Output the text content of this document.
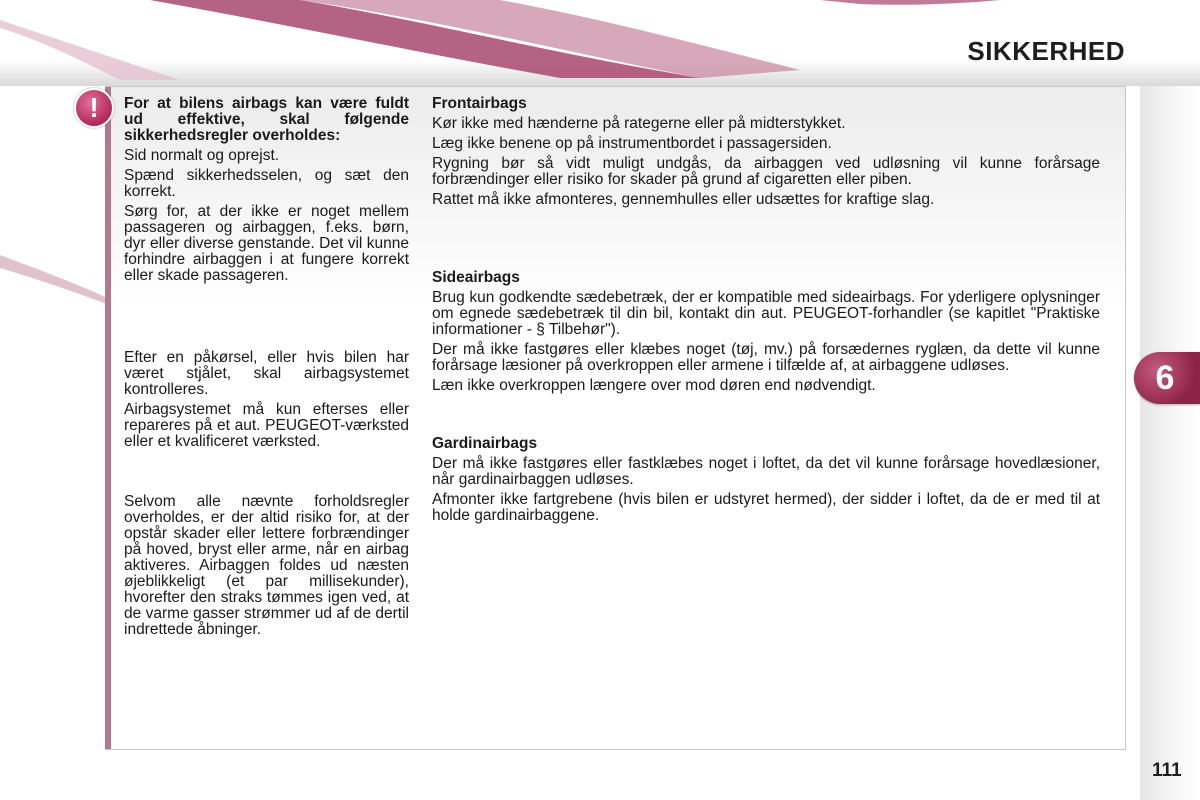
SIKKERHED
6
!	For at bilens airbags kan være fuldt ud effektive, skal følgende sikkerhedsregler overholdes:

Sid normalt og oprejst.

Spænd sikkerhedsselen, og sæt den korrekt.

Sørg for, at der ikke er noget mellem passageren og airbaggen, f.eks. børn, dyr eller diverse genstande. Det vil kunne forhindre airbaggen i at fungere korrekt eller skade passageren.

Efter en påkørsel, eller hvis bilen har været stjålet, skal airbagsystemet kontrolleres.

Airbagsystemet må kun efterses eller repareres på et aut. PEUGEOT-værksted eller et kvalificeret værksted.

Selvom alle nævnte forholdsregler overholdes, er der altid risiko for, at der opstår skader eller lettere forbrændinger på hoved, bryst eller arme, når en airbag aktiveres. Airbaggen foldes ud næsten øjeblikkeligt (et par millisekunder), hvorefter den straks tømmes igen ved, at de varme gasser strømmer ud af de dertil indrettede åbninger.

Frontairbags

Kør ikke med hænderne på rategerne eller på midterstykket.

Læg ikke benene op på instrumentbordet i passagersiden.

Rygning bør så vidt muligt undgås, da airbaggen ved udløsning vil kunne forårsage forbrændinger eller risiko for skader på grund af cigaretten eller piben.

Rattet må ikke afmonteres, gennemhulles eller udsættes for kraftige slag.

Sideairbags

Brug kun godkendte sædebetræk, der er kompatible med sideairbags. For yderligere oplysninger om egnede sædebetræk til din bil, kontakt din aut. PEUGEOT-forhandler (se kapitlet "Praktiske informationer - § Tilbehør").

Der må ikke fastgøres eller klæbes noget (tøj, mv.) på forsædernes ryglæn, da dette vil kunne forårsage læsioner på overkroppen eller armene i tilfælde af, at airbaggene udløses.

Læn ikke overkroppen længere over mod døren end nødvendigt.

Gardinairbags

Der må ikke fastgøres eller fastklæbes noget i loftet, da det vil kunne forårsage hovedlæsioner, når gardinairbaggen udløses.

Afmonter ikke fartgrebene (hvis bilen er udstyret hermed), der sidder i loftet, da de er med til at holde gardinairbaggene.

111
